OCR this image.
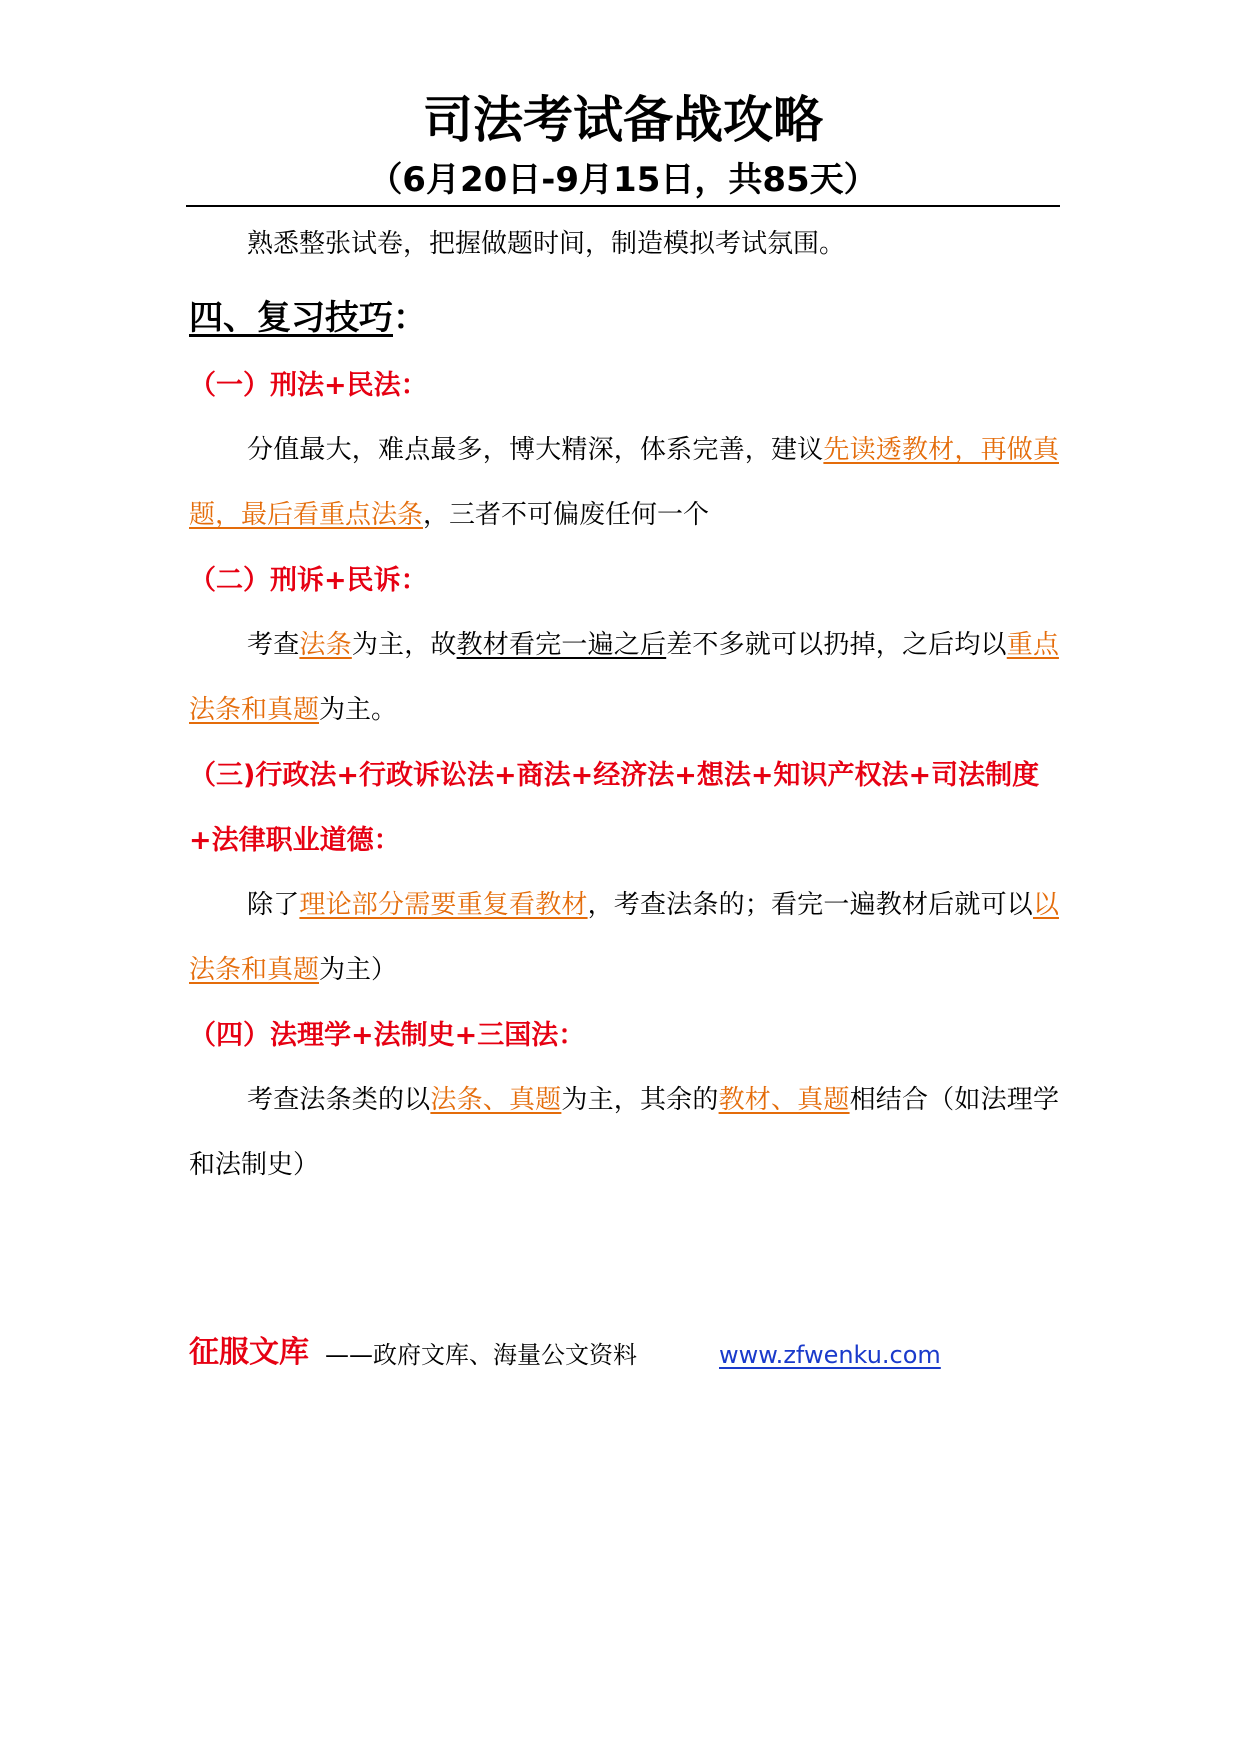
司法考试备战攻略
（6月20日-9月15日，共85天）

熟悉整张试卷，把握做题时间，制造模拟考试氛围。

四、复习技巧：

（一）刑法+民法：

分值最大，难点最多，博大精深，体系完善，建议先读透教材，再做真题，最后看重点法条，三者不可偏废任何一个

（二）刑诉+民诉：

考查法条为主，故教材看完一遍之后差不多就可以扔掉，之后均以重点法条和真题为主。

（三)行政法+行政诉讼法+商法+经济法+想法+知识产权法+司法制度+法律职业道德：

除了理论部分需要重复看教材，考查法条的；看完一遍教材后就可以以法条和真题为主）

（四）法理学+法制史+三国法：

考查法条类的以法条、真题为主，其余的教材、真题相结合（如法理学和法制史）

征服文库 ——政府文库、海量公文资料	www.zfwenku.com
